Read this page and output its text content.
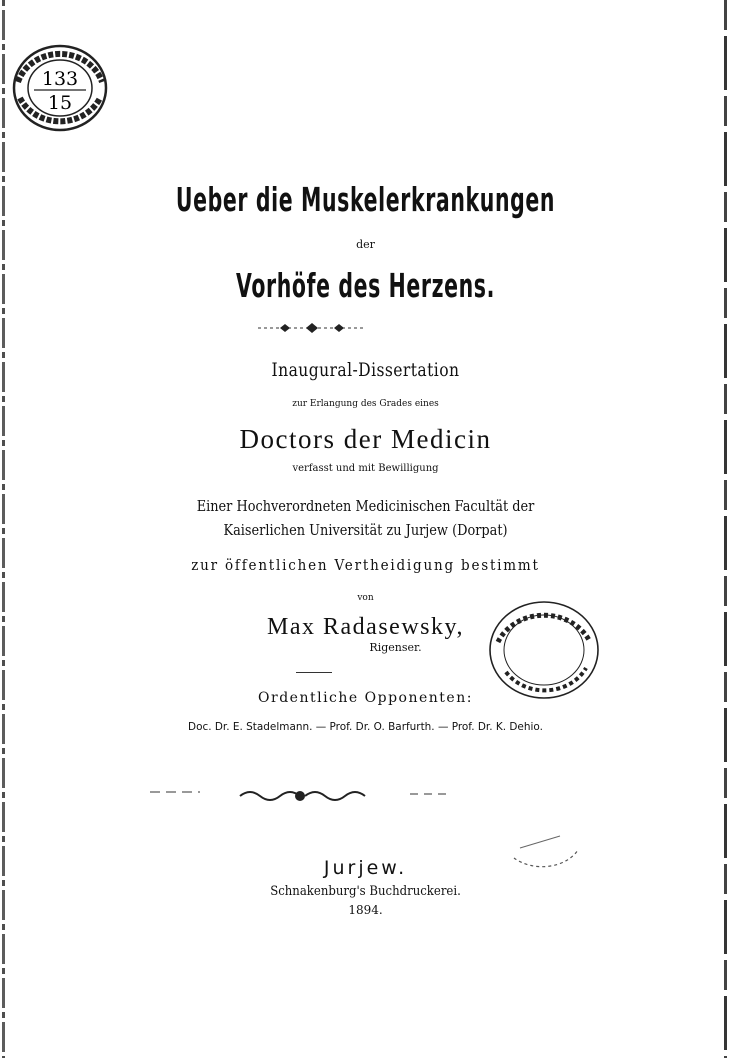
133
15
Ueber die Muskelerkrankungen
der
Vorhöfe des Herzens.
Inaugural-Dissertation
zur Erlangung des Grades eines
Doctors der Medicin
verfasst und mit Bewilligung
Einer Hochverordneten Medicinischen Facultät der
Kaiserlichen Universität zu Jurjew (Dorpat)
zur öffentlichen Vertheidigung bestimmt
von
Max Radasewsky,
Rigenser.
Ordentliche Opponenten:
Doc. Dr. E. Stadelmann. — Prof. Dr. O. Barfurth. — Prof. Dr. K. Dehio.
Jurjew.
Schnakenburg's Buchdruckerei.
1894.
